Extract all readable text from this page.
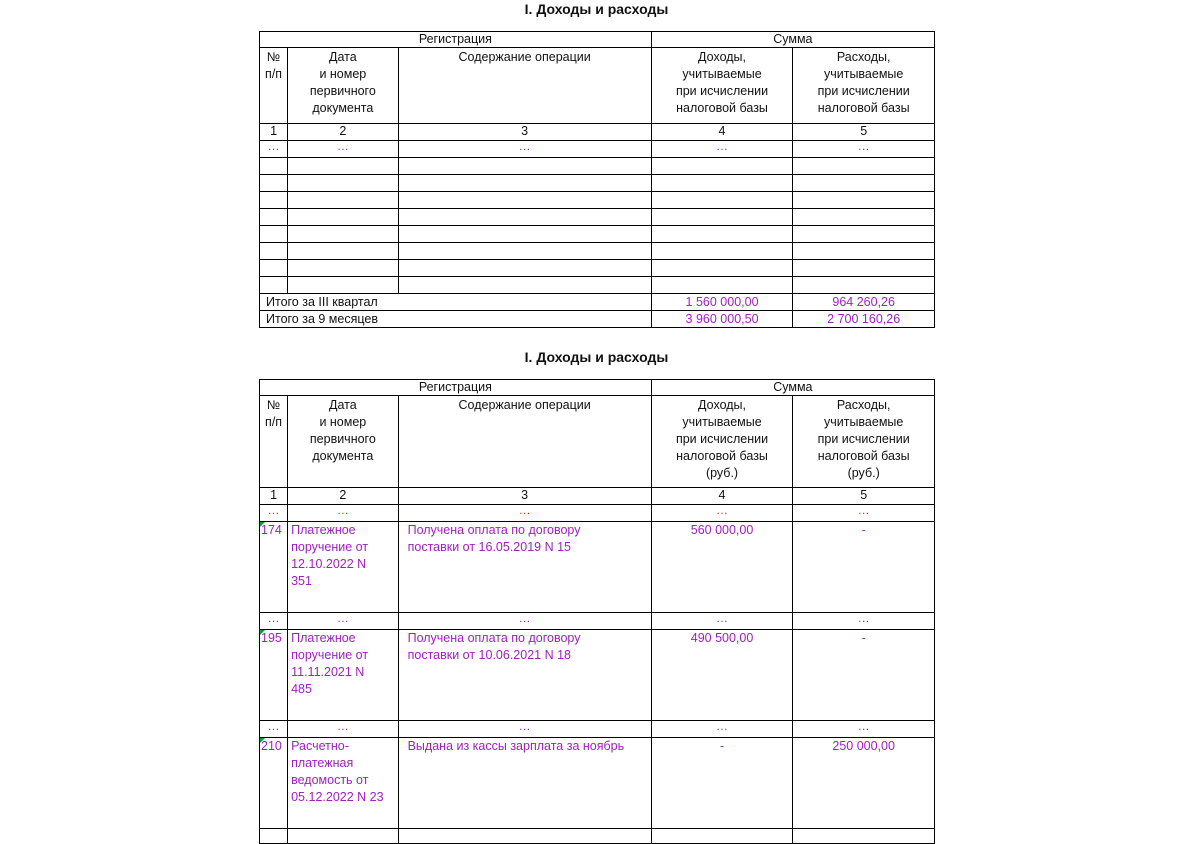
I. Доходы и расходы
Регистрация			Сумма	
№
п/п	Дата
и номер
первичного
документа	Содержание операции	Доходы,
учитываемые
при исчислении
налоговой базы	Расходы,
учитываемые
при исчислении
налоговой базы
1	2	3	4	5
…	…	…	…	…

Итого за III квартал			1 560 000,00	964 260,26
Итого за 9 месяцев			3 960 000,50	2 700 160,26
I. Доходы и расходы
Регистрация			Сумма	
№
п/п	Дата
и номер
первичного
документа	Содержание операции	Доходы,
учитываемые
при исчислении
налоговой базы
(руб.)	Расходы,
учитываемые
при исчислении
налоговой базы
(руб.)
1	2	3	4	5
…	…	…	…	…

174	Платежное
поручение от
12.10.2022 N
351	Получена оплата по договору
поставки от 16.05.2019 N 15	560 000,00	-
…	…	…	…	…

195	Платежное
поручение от
11.11.2021 N
485	Получена оплата по договору
поставки от 10.06.2021 N 18	490 500,00	-
…	…	…	…	…

210	Расчетно-
платежная
ведомость от
05.12.2022 N 23	Выдана из кассы зарплата за ноябрь	-	250 000,00
